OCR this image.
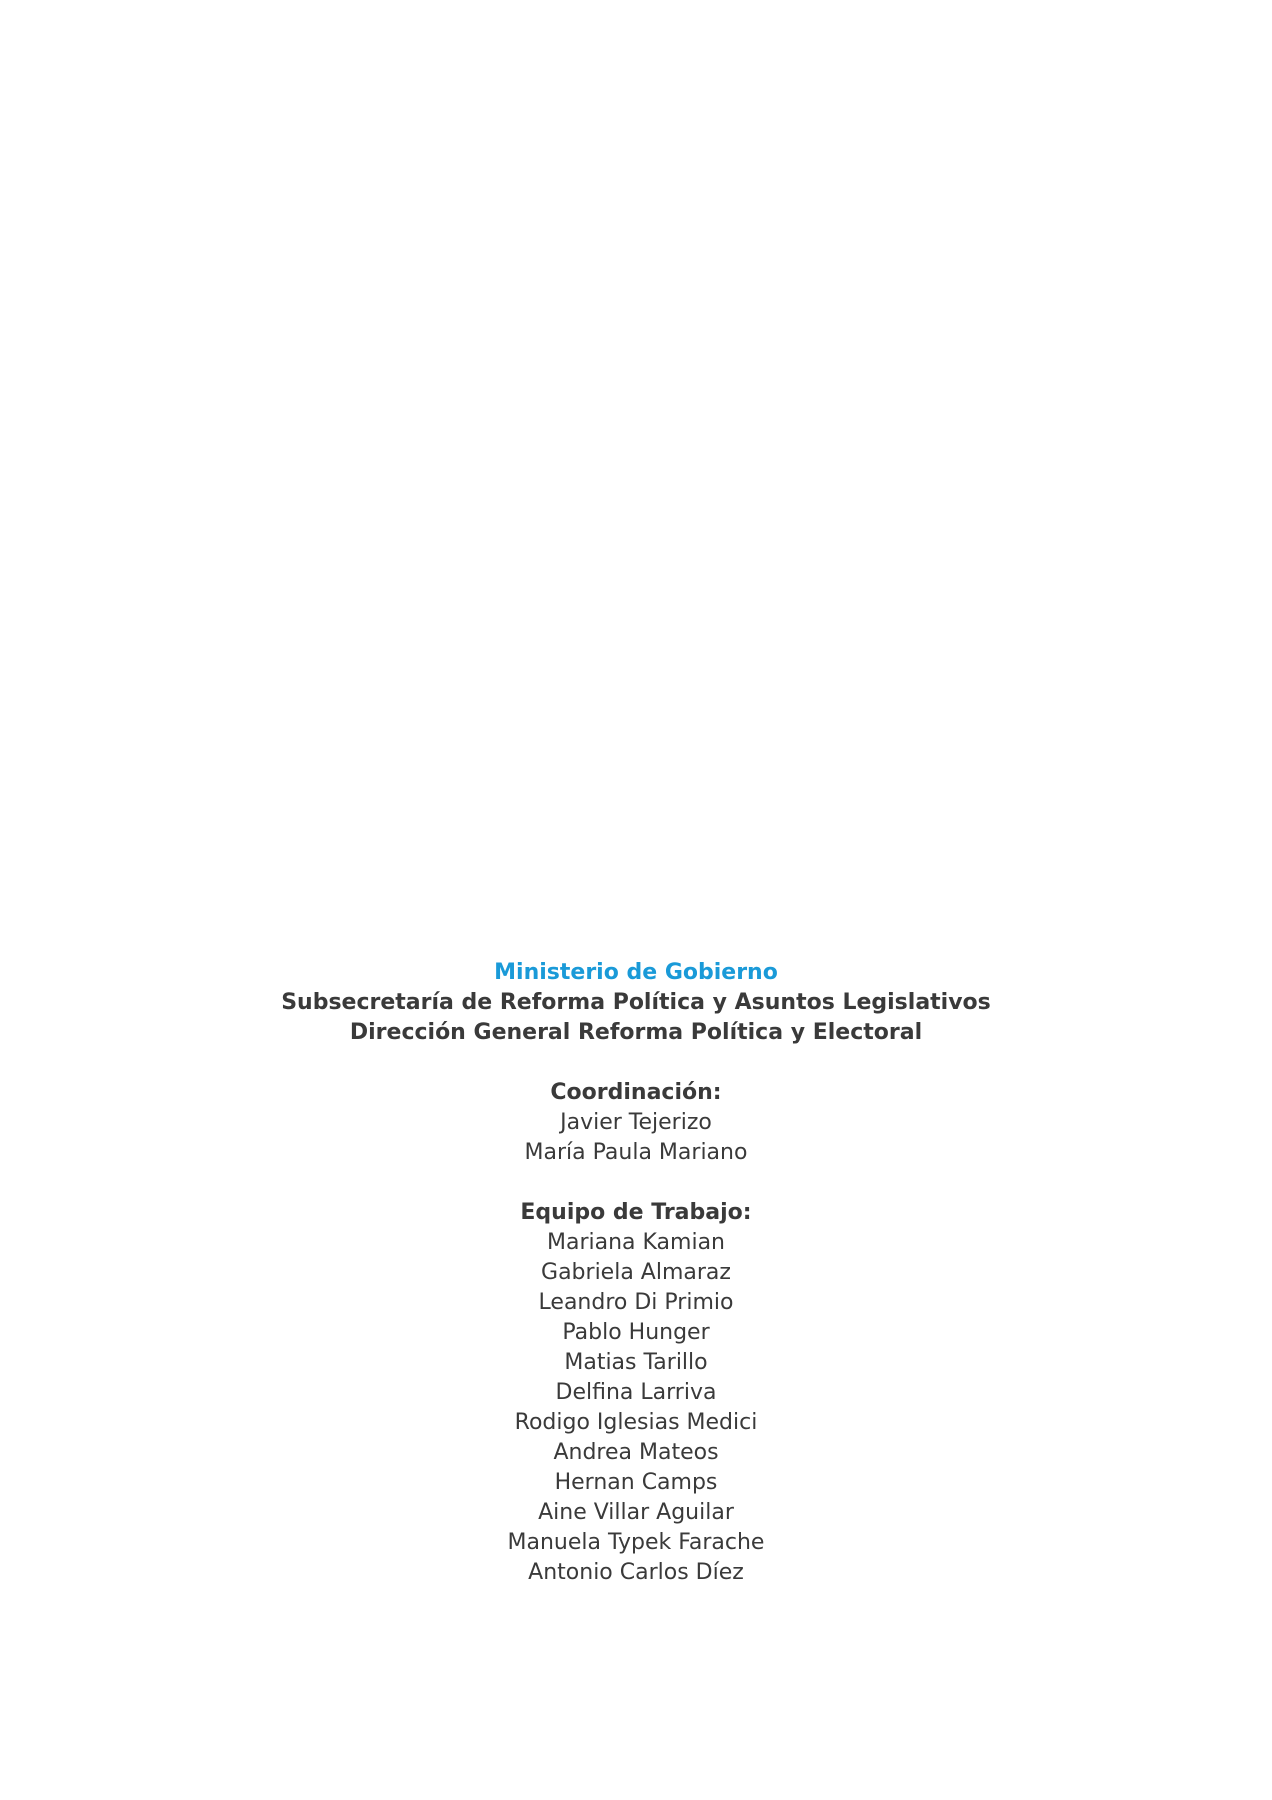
Ministerio de Gobierno
Subsecretaría de Reforma Política y Asuntos Legislativos
Dirección General Reforma Política y Electoral
Coordinación:
Javier Tejerizo
María Paula Mariano
Equipo de Trabajo:
Mariana Kamian
Gabriela Almaraz
Leandro Di Primio
Pablo Hunger
Matias Tarillo
Delfina Larriva
Rodigo Iglesias Medici
Andrea Mateos
Hernan Camps
Aine Villar Aguilar
Manuela Typek Farache
Antonio Carlos Díez
